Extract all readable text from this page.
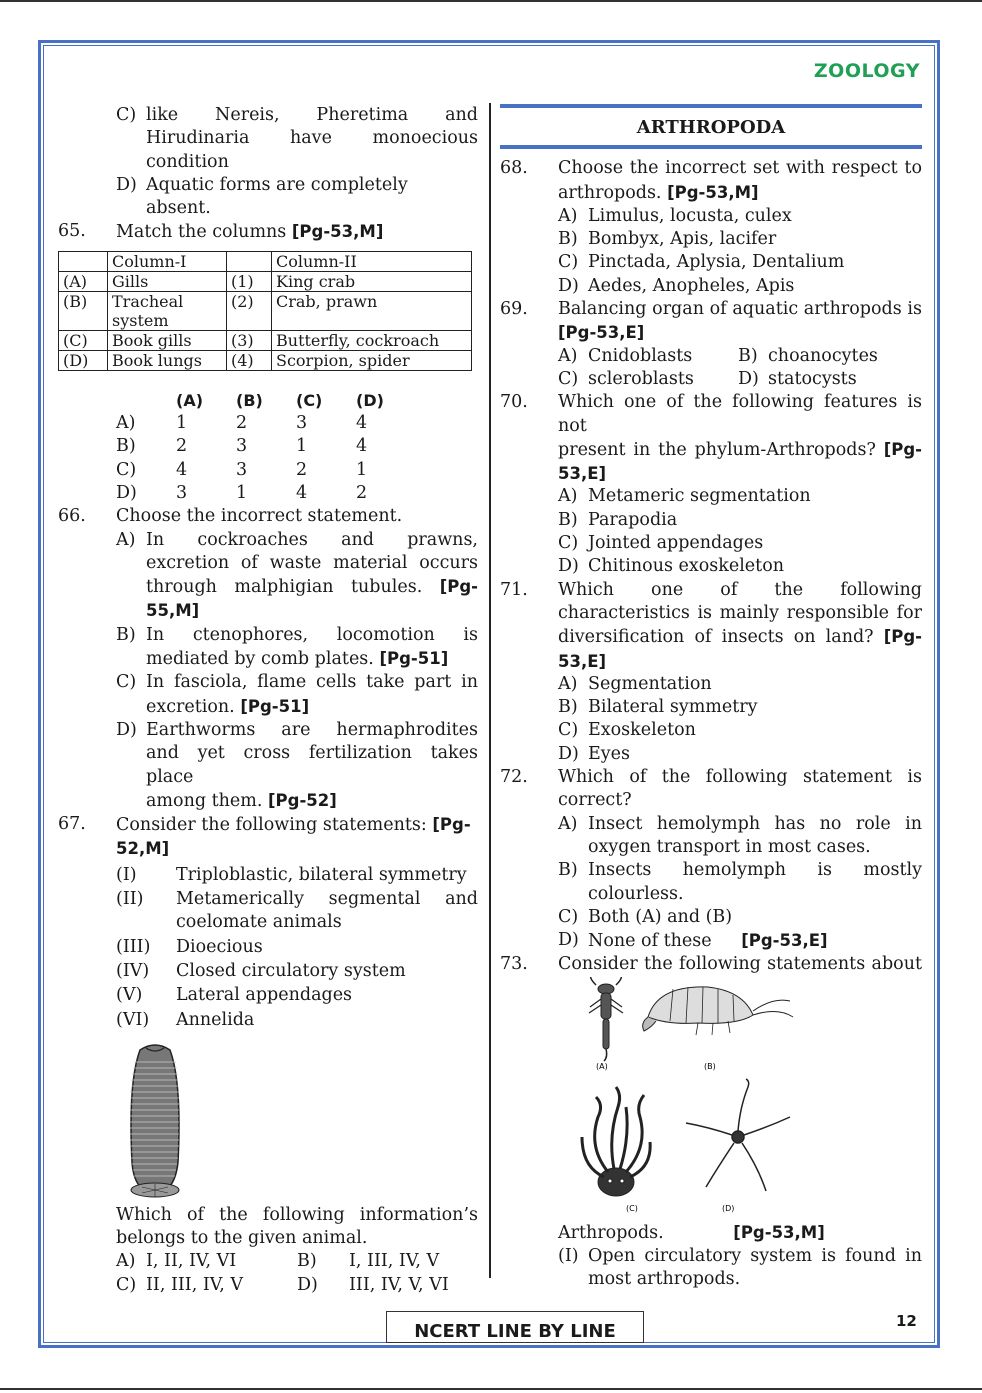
ZOOLOGY
C) like Nereis, Pheretima and
Hirudinaria have monoecious
condition
D) Aquatic forms are completely absent.
65.	Match the columns [Pg-53,M]
	Column-I		Column-II
(A)	Gills	(1)	King crab
(B)	Tracheal system	(2)	Crab, prawn
(C)	Book gills	(3)	Butterfly, cockroach
(D)	Book lungs	(4)	Scorpion, spider
(A)	(B)	(C)	(D)
A)	1	2	3	4
B)	2	3	1	4
C)	4	3	2	1
D)	3	1	4	2
66.	Choose the incorrect statement.
A) In cockroaches and prawns,
excretion of waste material occurs
through malphigian tubules. [Pg-55,M]
B) In ctenophores, locomotion is
mediated by comb plates. [Pg-51]
C) In fasciola, flame cells take part in
excretion. [Pg-51]
D) Earthworms are hermaphrodites
and yet cross fertilization takes place
among them. [Pg-52]
67.	Consider the following statements: [Pg-52,M]
(I)	Triploblastic, bilateral symmetry
(II)	Metamerically segmental and coelomate animals
(III)	Dioecious
(IV)	Closed circulatory system
(V)	Lateral appendages
(VI)	Annelida
Which of the following information’s
belongs to the given animal.
A) I, II, IV, VI	B)	I, III, IV, V
C) II, III, IV, V	D)	III, IV, V, VI
ARTHROPODA
68.	Choose the incorrect set with respect to
arthropods. [Pg-53,M]
A) Limulus, locusta, culex
B) Bombyx, Apis, lacifer
C) Pinctada, Aplysia, Dentalium
D) Aedes, Anopheles, Apis
69.	Balancing organ of aquatic arthropods is
[Pg-53,E]
A) Cnidoblasts	B) choanocytes
C) scleroblasts	D) statocysts
70.	Which one of the following features is not
present in the phylum-Arthropods? [Pg-
53,E]
A) Metameric segmentation
B) Parapodia
C) Jointed appendages
D) Chitinous exoskeleton
71.	Which one of the following
characteristics is mainly responsible for
diversification of insects on land? [Pg-
53,E]
A) Segmentation
B) Bilateral symmetry
C) Exoskeleton
D) Eyes
72.	Which of the following statement is
correct?
A) Insect hemolymph has no role in
oxygen transport in most cases.
B) Insects hemolymph is mostly
colourless.
C) Both (A) and (B)
D) None of these [Pg-53,E]
73.	Consider the following statements about
(A)	(B)
(C)	(D)
Arthropods.	[Pg-53,M]
(I) Open circulatory system is found in
most arthropods.
NCERT LINE BY LINE	12
